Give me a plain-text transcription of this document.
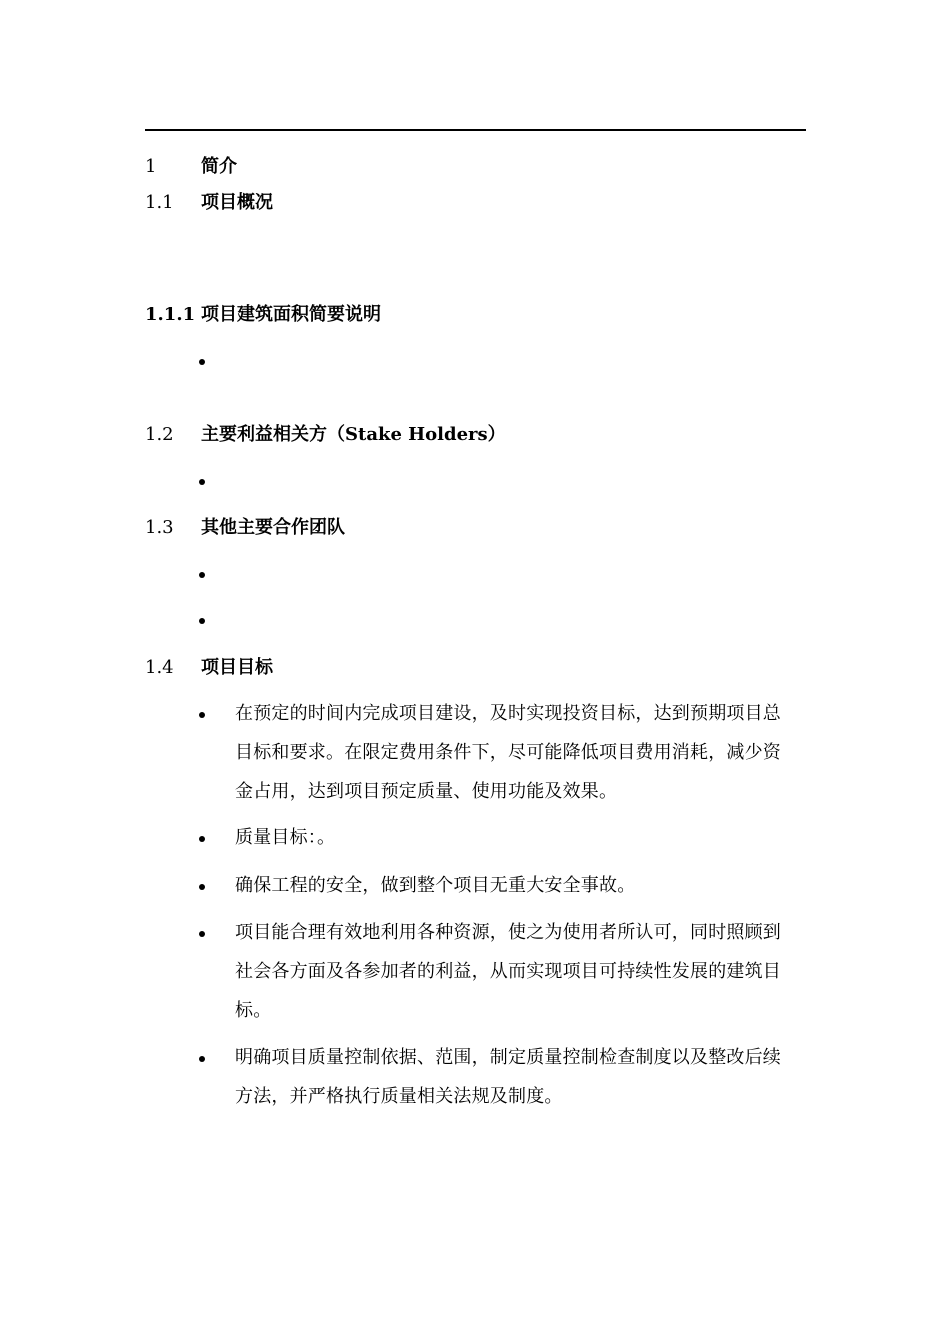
1 简介
1.1 项目概况
1.1.1 项目建筑面积简要说明
1.2 主要利益相关方（Stake Holders）
1.3 其他主要合作团队
1.4 项目目标
在预定的时间内完成项目建设，及时实现投资目标，达到预期项目总目标和要求。在限定费用条件下，尽可能降低项目费用消耗，减少资金占用，达到项目预定质量、使用功能及效果。
质量目标：。
确保工程的安全，做到整个项目无重大安全事故。
项目能合理有效地利用各种资源，使之为使用者所认可，同时照顾到社会各方面及各参加者的利益，从而实现项目可持续性发展的建筑目标。
明确项目质量控制依据、范围，制定质量控制检查制度以及整改后续方法，并严格执行质量相关法规及制度。
